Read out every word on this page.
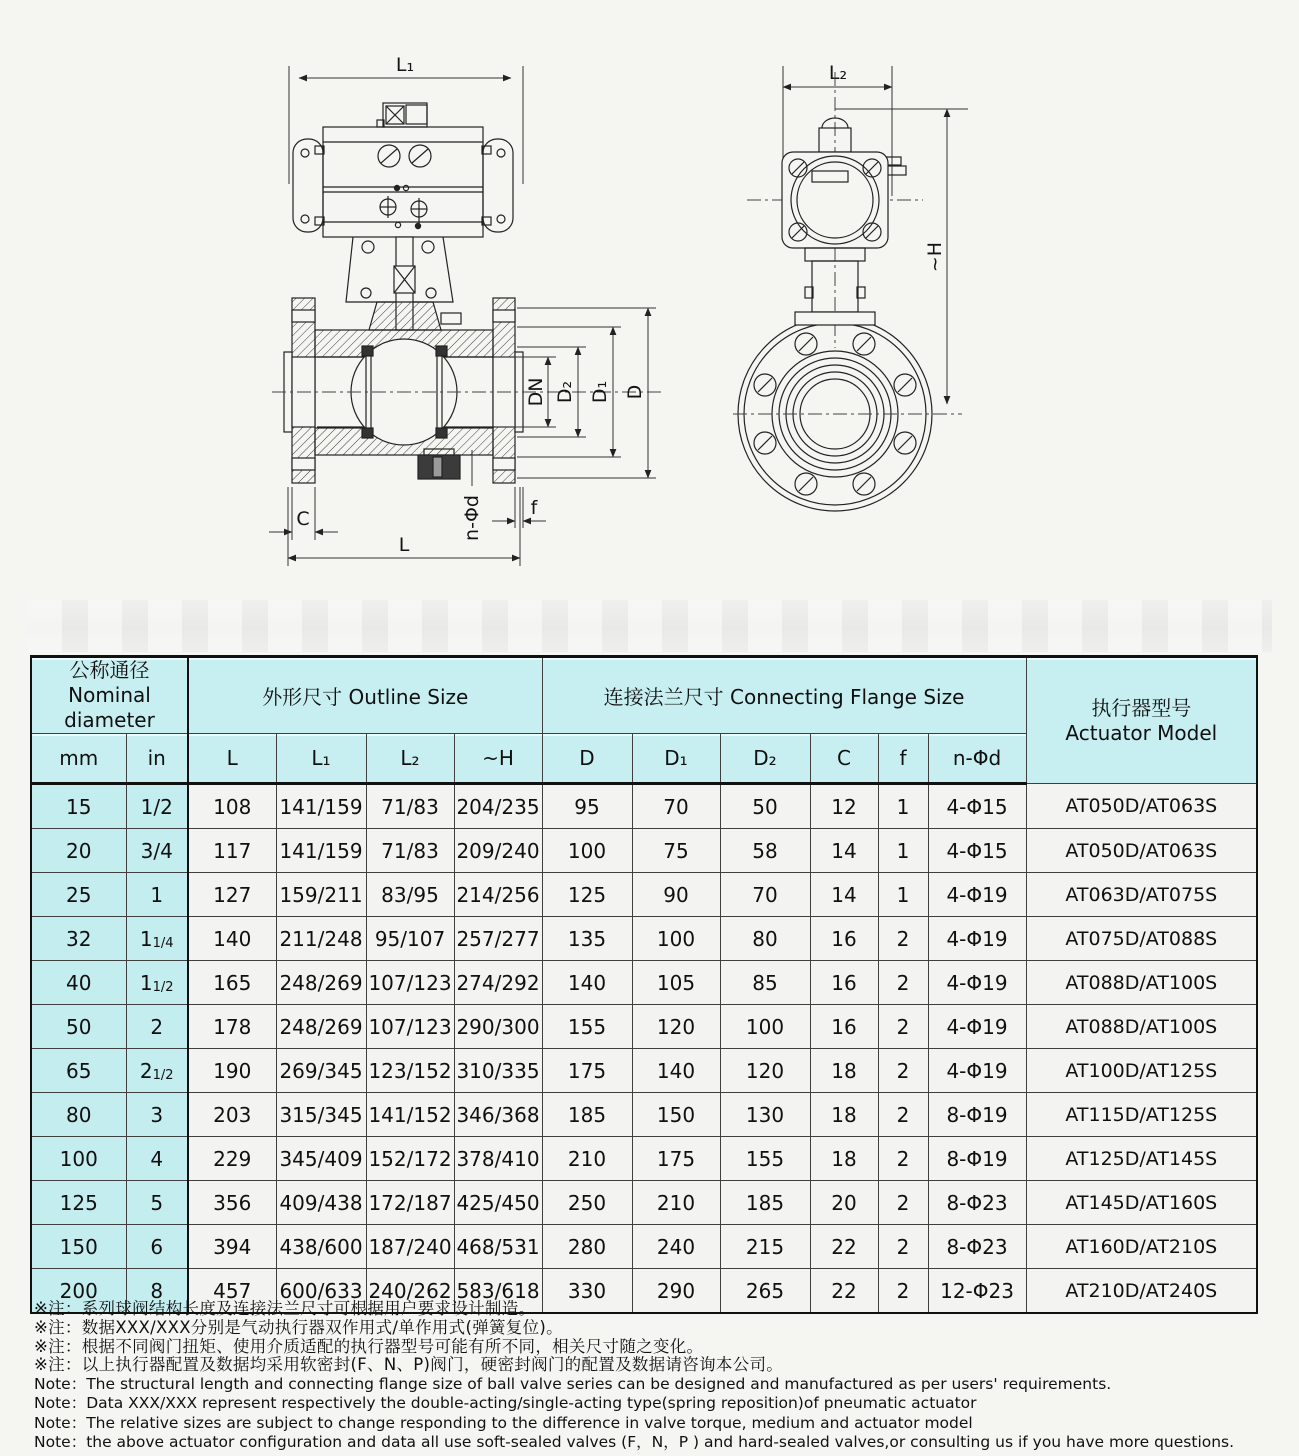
L₁
DN D₂ D₁ D
C
L
f
n-Φd
L₂
~H
公称通径
Nominal diameter		外形尺寸 Outline Size				连接法兰尺寸 Connecting Flange Size						执行器型号
Actuator Model

mm	in	L	L₁	L₂	~H	D	D₁	D₂	C	f	n-Φd	
15	1/2	108	141/159	71/83	204/235	95	70	50	12	1	4-Φ15	AT050D/AT063S
20	3/4	117	141/159	71/83	209/240	100	75	58	14	1	4-Φ15	AT050D/AT063S
25	1	127	159/211	83/95	214/256	125	90	70	14	1	4-Φ19	AT063D/AT075S
32	11/4	140	211/248	95/107	257/277	135	100	80	16	2	4-Φ19	AT075D/AT088S
40	11/2	165	248/269	107/123	274/292	140	105	85	16	2	4-Φ19	AT088D/AT100S
50	2	178	248/269	107/123	290/300	155	120	100	16	2	4-Φ19	AT088D/AT100S
65	21/2	190	269/345	123/152	310/335	175	140	120	18	2	4-Φ19	AT100D/AT125S
80	3	203	315/345	141/152	346/368	185	150	130	18	2	8-Φ19	AT115D/AT125S
100	4	229	345/409	152/172	378/410	210	175	155	18	2	8-Φ19	AT125D/AT145S
125	5	356	409/438	172/187	425/450	250	210	185	20	2	8-Φ23	AT145D/AT160S
150	6	394	438/600	187/240	468/531	280	240	215	22	2	8-Φ23	AT160D/AT210S
200	8	457	600/633	240/262	583/618	330	290	265	22	2	12-Φ23	AT210D/AT240S
※注：系列球阀结构长度及连接法兰尺寸可根据用户要求设计制造。
※注：数据XXX/XXX分别是气动执行器双作用式/单作用式(弹簧复位)。
※注：根据不同阀门扭矩、使用介质适配的执行器型号可能有所不同，相关尺寸随之变化。
※注：以上执行器配置及数据均采用软密封(F、N、P)阀门，硬密封阀门的配置及数据请咨询本公司。
Note：The structural length and connecting flange size of ball valve series can be designed and manufactured as per users' requirements.
Note：Data XXX/XXX represent respectively the double-acting/single-acting type(spring reposition)of pneumatic actuator
Note：The relative sizes are subject to change responding to the difference in valve torque, medium and actuator model
Note：the above actuator configuration and data all use soft-sealed valves (F，N，P ) and hard-sealed valves,or consulting us if you have more questions.
